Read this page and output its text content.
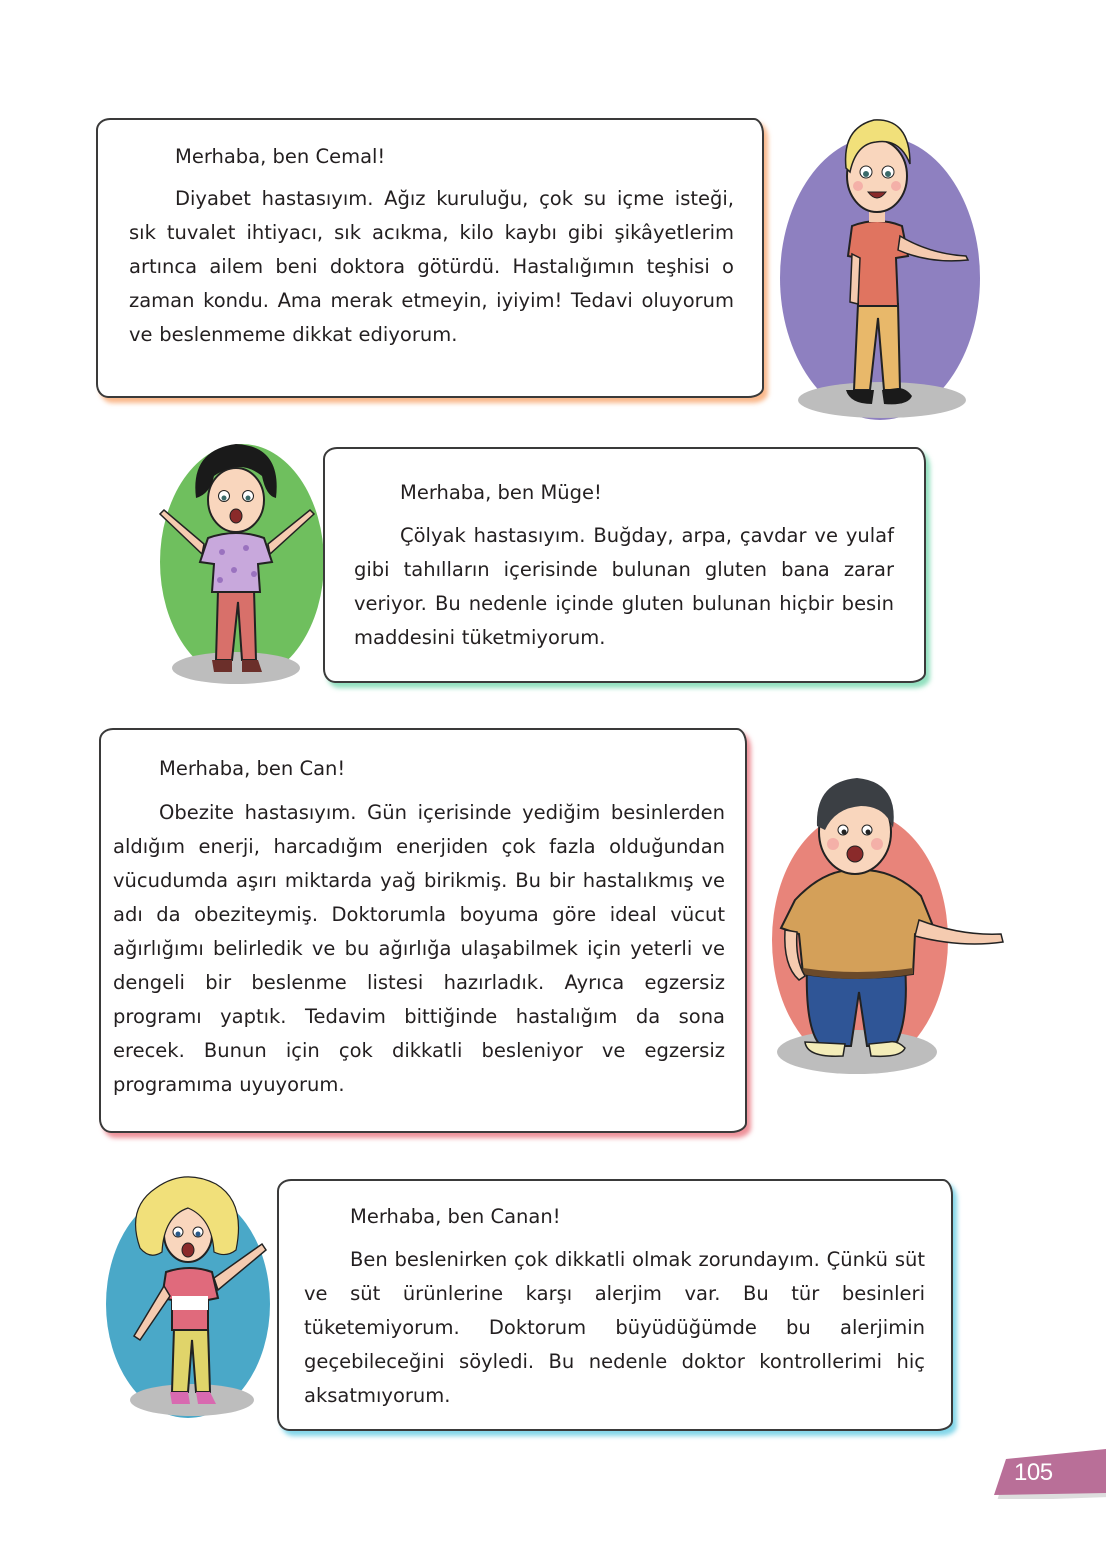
Merhaba, ben Cemal!
Diyabet hastasıyım. Ağız kuruluğu, çok su içme isteği, sık tuvalet ihtiyacı, sık acıkma, kilo kaybı gibi şikâyetlerim artınca ailem beni doktora götürdü. Hastalığımın teşhisi o zaman kondu. Ama merak etmeyin, iyiyim! Tedavi oluyorum ve beslenmeme dikkat ediyorum.
Merhaba, ben Müge!
Çölyak hastasıyım. Buğday, arpa, çavdar ve yulaf gibi tahılların içerisinde bulunan gluten bana zarar veriyor. Bu nedenle içinde gluten bulunan hiçbir besin maddesini tüketmiyorum.
Merhaba, ben Can!
Obezite hastasıyım. Gün içerisinde yediğim besinlerden aldığım enerji, harcadığım enerjiden çok fazla olduğundan vücudumda aşırı miktarda yağ birikmiş. Bu bir hastalıkmış ve adı da obeziteymiş. Doktorumla boyuma göre ideal vücut ağırlığımı belirledik ve bu ağırlığa ulaşabilmek için yeterli ve dengeli bir beslenme listesi hazırladık. Ayrıca egzersiz programı yaptık. Tedavim bittiğinde hastalığım da sona erecek. Bunun için çok dikkatli besleniyor ve egzersiz programıma uyuyorum.
Merhaba, ben Canan!
Ben beslenirken çok dikkatli olmak zorundayım. Çünkü süt ve süt ürünlerine karşı alerjim var. Bu tür besinleri tüketemiyorum. Doktorum büyüdüğümde bu alerjimin geçebileceğini söyledi. Bu nedenle doktor kontrollerimi hiç aksatmıyorum.
105
